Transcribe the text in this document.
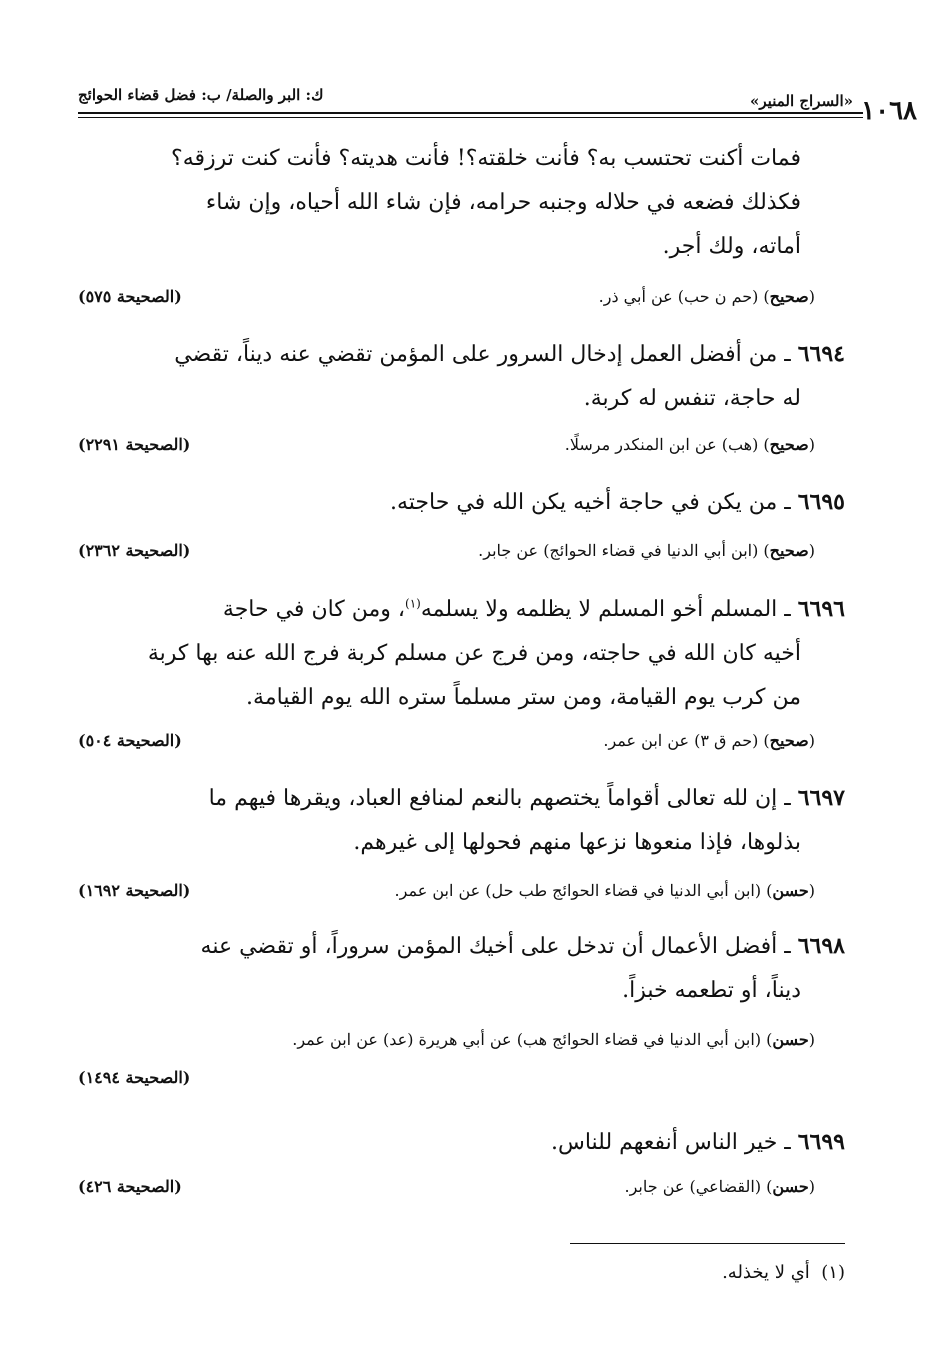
«السراج المنير»
ك: البر والصلة/ ب: فضل قضاء الحوائج
١٠٦٨
فمات أكنت تحتسب به؟ فأنت خلقته؟! فأنت هديته؟ فأنت كنت ترزقه؟
فكذلك فضعه في حلاله وجنبه حرامه، فإن شاء الله أحياه، وإن شاء
أماته، ولك أجر.
(صحيح) (حم ن حب) عن أبي ذر.
(الصحيحة ٥٧٥)
٦٦٩٤ ـ من أفضل العمل إدخال السرور على المؤمن تقضي عنه ديناً، تقضي
له حاجة، تنفس له كربة.
(صحيح) (هب) عن ابن المنكدر مرسلًا.
(الصحيحة ٢٢٩١)
٦٦٩٥ ـ من يكن في حاجة أخيه يكن الله في حاجته.
(صحيح) (ابن أبي الدنيا في قضاء الحوائج) عن جابر.
(الصحيحة ٢٣٦٢)
٦٦٩٦ ـ المسلم أخو المسلم لا يظلمه ولا يسلمه$^{(١)}$، ومن كان في حاجة
أخيه كان الله في حاجته، ومن فرج عن مسلم كربة فرج الله عنه بها كربة
من كرب يوم القيامة، ومن ستر مسلماً ستره الله يوم القيامة.
(صحيح) (حم ق ٣) عن ابن عمر.
(الصحيحة ٥٠٤)
٦٦٩٧ ـ إن لله تعالى أقواماً يختصهم بالنعم لمنافع العباد، ويقرها فيهم ما
بذلوها، فإذا منعوها نزعها منهم فحولها إلى غيرهم.
(حسن) (ابن أبي الدنيا في قضاء الحوائج طب حل) عن ابن عمر.
(الصحيحة ١٦٩٢)
٦٦٩٨ ـ أفضل الأعمال أن تدخل على أخيك المؤمن سروراً، أو تقضي عنه
ديناً، أو تطعمه خبزاً.
(حسن) (ابن أبي الدنيا في قضاء الحوائج هب) عن أبي هريرة (عد) عن ابن عمر.
(الصحيحة ١٤٩٤)
٦٦٩٩ ـ خير الناس أنفعهم للناس.
(حسن) (القضاعي) عن جابر.
(الصحيحة ٤٢٦)
(١)  أي لا يخذله.
